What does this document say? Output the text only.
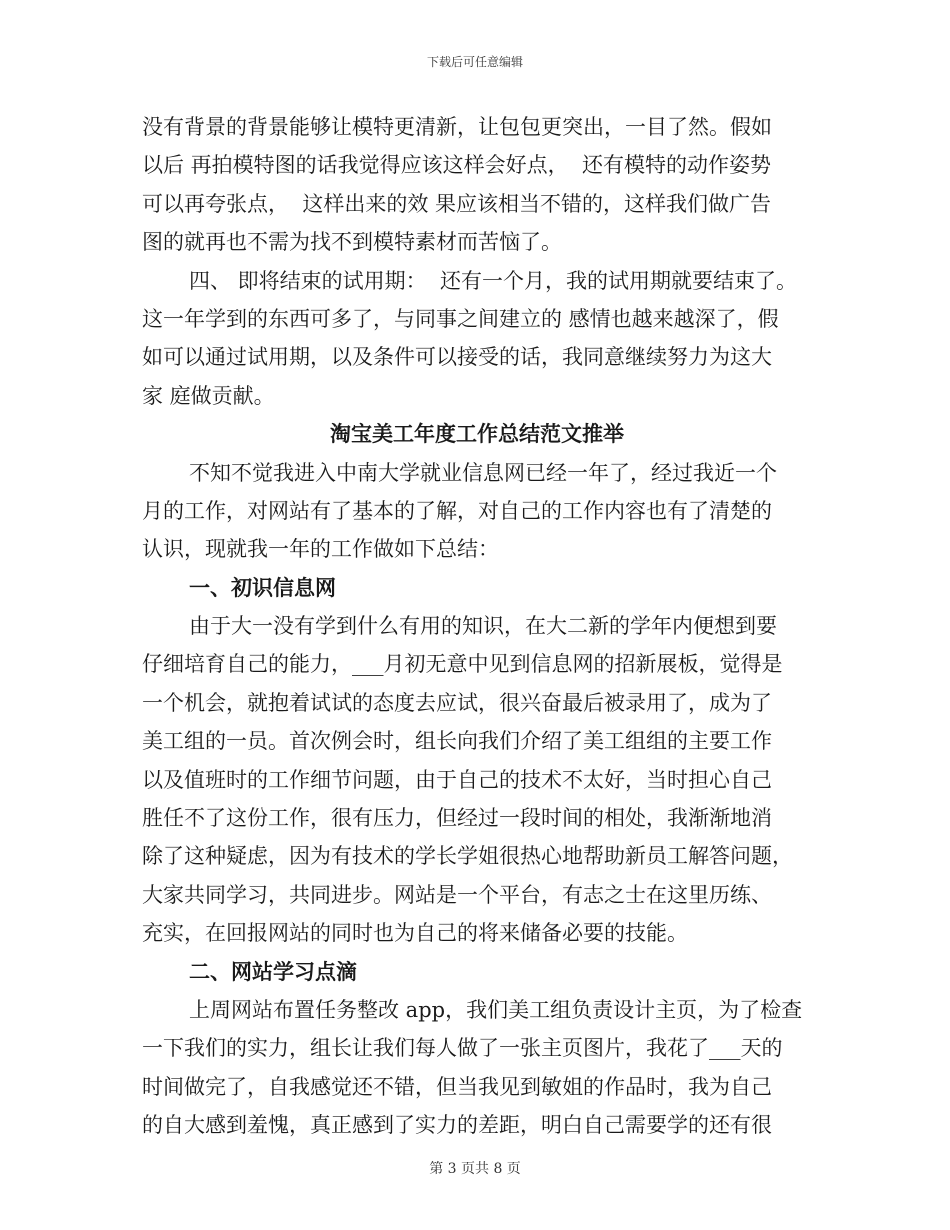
下载后可任意编辑
没有背景的背景能够让模特更清新，让包包更突出，一目了然。假如
以后 再拍模特图的话我觉得应该这样会好点，  还有模特的动作姿势
可以再夸张点，  这样出来的效 果应该相当不错的，这样我们做广告
图的就再也不需为找不到模特素材而苦恼了。
四、 即将结束的试用期：  还有一个月，我的试用期就要结束了。
这一年学到的东西可多了，与同事之间建立的 感情也越来越深了，假
如可以通过试用期，以及条件可以接受的话，我同意继续努力为这大
家 庭做贡献。
淘宝美工年度工作总结范文推举
不知不觉我进入中南大学就业信息网已经一年了，经过我近一个
月的工作，对网站有了基本的了解，对自己的工作内容也有了清楚的
认识，现就我一年的工作做如下总结：
一、初识信息网
由于大一没有学到什么有用的知识，在大二新的学年内便想到要
仔细培育自己的能力，___月初无意中见到信息网的招新展板，觉得是
一个机会，就抱着试试的态度去应试，很兴奋最后被录用了，成为了
美工组的一员。首次例会时，组长向我们介绍了美工组组的主要工作
以及值班时的工作细节问题，由于自己的技术不太好，当时担心自己
胜任不了这份工作，很有压力，但经过一段时间的相处，我渐渐地消
除了这种疑虑，因为有技术的学长学姐很热心地帮助新员工解答问题，
大家共同学习，共同进步。网站是一个平台，有志之士在这里历练、
充实，在回报网站的同时也为自己的将来储备必要的技能。
二、网站学习点滴
上周网站布置任务整改 app，我们美工组负责设计主页，为了检查
一下我们的实力，组长让我们每人做了一张主页图片，我花了___天的
时间做完了，自我感觉还不错，但当我见到敏姐的作品时，我为自己
的自大感到羞愧，真正感到了实力的差距，明白自己需要学的还有很
第 3 页共 8 页
